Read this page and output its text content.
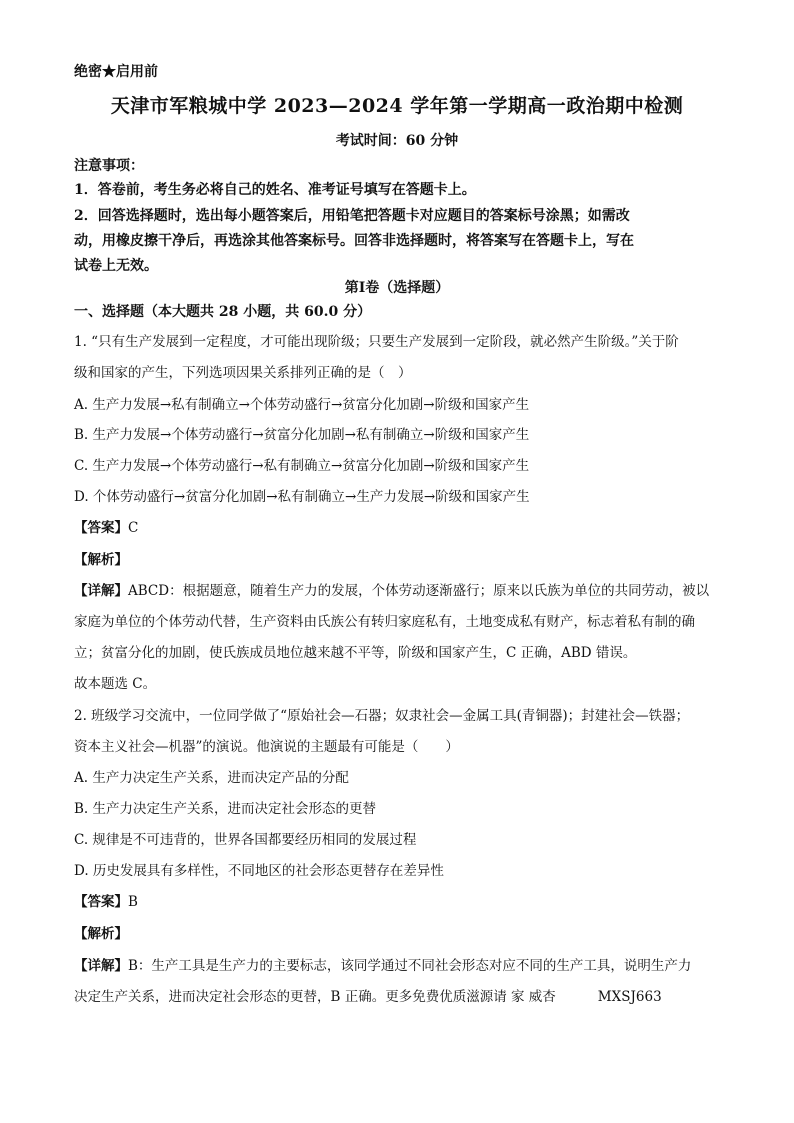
绝密★启用前
天津市军粮城中学 2023—2024 学年第一学期高一政治期中检测
考试时间：60 分钟
注意事项：
1．答卷前，考生务必将自己的姓名、准考证号填写在答题卡上。
2．回答选择题时，选出每小题答案后，用铅笔把答题卡对应题目的答案标号涂黑；如需改
动，用橡皮擦干净后，再选涂其他答案标号。回答非选择题时，将答案写在答题卡上，写在
试卷上无效。
第Ⅰ卷（选择题）
一、选择题（本大题共 28 小题，共 60.0 分）
1. “只有生产发展到一定程度，才可能出现阶级；只要生产发展到一定阶段，就必然产生阶级。”关于阶
级和国家的产生，下列选项因果关系排列正确的是（　）
A. 生产力发展→私有制确立→个体劳动盛行→贫富分化加剧→阶级和国家产生
B. 生产力发展→个体劳动盛行→贫富分化加剧→私有制确立→阶级和国家产生
C. 生产力发展→个体劳动盛行→私有制确立→贫富分化加剧→阶级和国家产生
D. 个体劳动盛行→贫富分化加剧→私有制确立→生产力发展→阶级和国家产生
【答案】C
【解析】
【详解】ABCD：根据题意，随着生产力的发展，个体劳动逐渐盛行；原来以氏族为单位的共同劳动，被以
家庭为单位的个体劳动代替，生产资料由氏族公有转归家庭私有，土地变成私有财产，标志着私有制的确
立；贫富分化的加剧，使氏族成员地位越来越不平等，阶级和国家产生，C 正确，ABD 错误。
故本题选 C。
2. 班级学习交流中，一位同学做了“原始社会—石器；奴隶社会—金属工具(青铜器)；封建社会—铁器；
资本主义社会—机器”的演说。他演说的主题最有可能是（　　）
A. 生产力决定生产关系，进而决定产品的分配
B. 生产力决定生产关系，进而决定社会形态的更替
C. 规律是不可违背的，世界各国都要经历相同的发展过程
D. 历史发展具有多样性，不同地区的社会形态更替存在差异性
【答案】B
【解析】
【详解】B：生产工具是生产力的主要标志，该同学通过不同社会形态对应不同的生产工具，说明生产力
决定生产关系，进而决定社会形态的更替，B 正确。更多免费优质滋源请 家 威杏	MXSJ663
